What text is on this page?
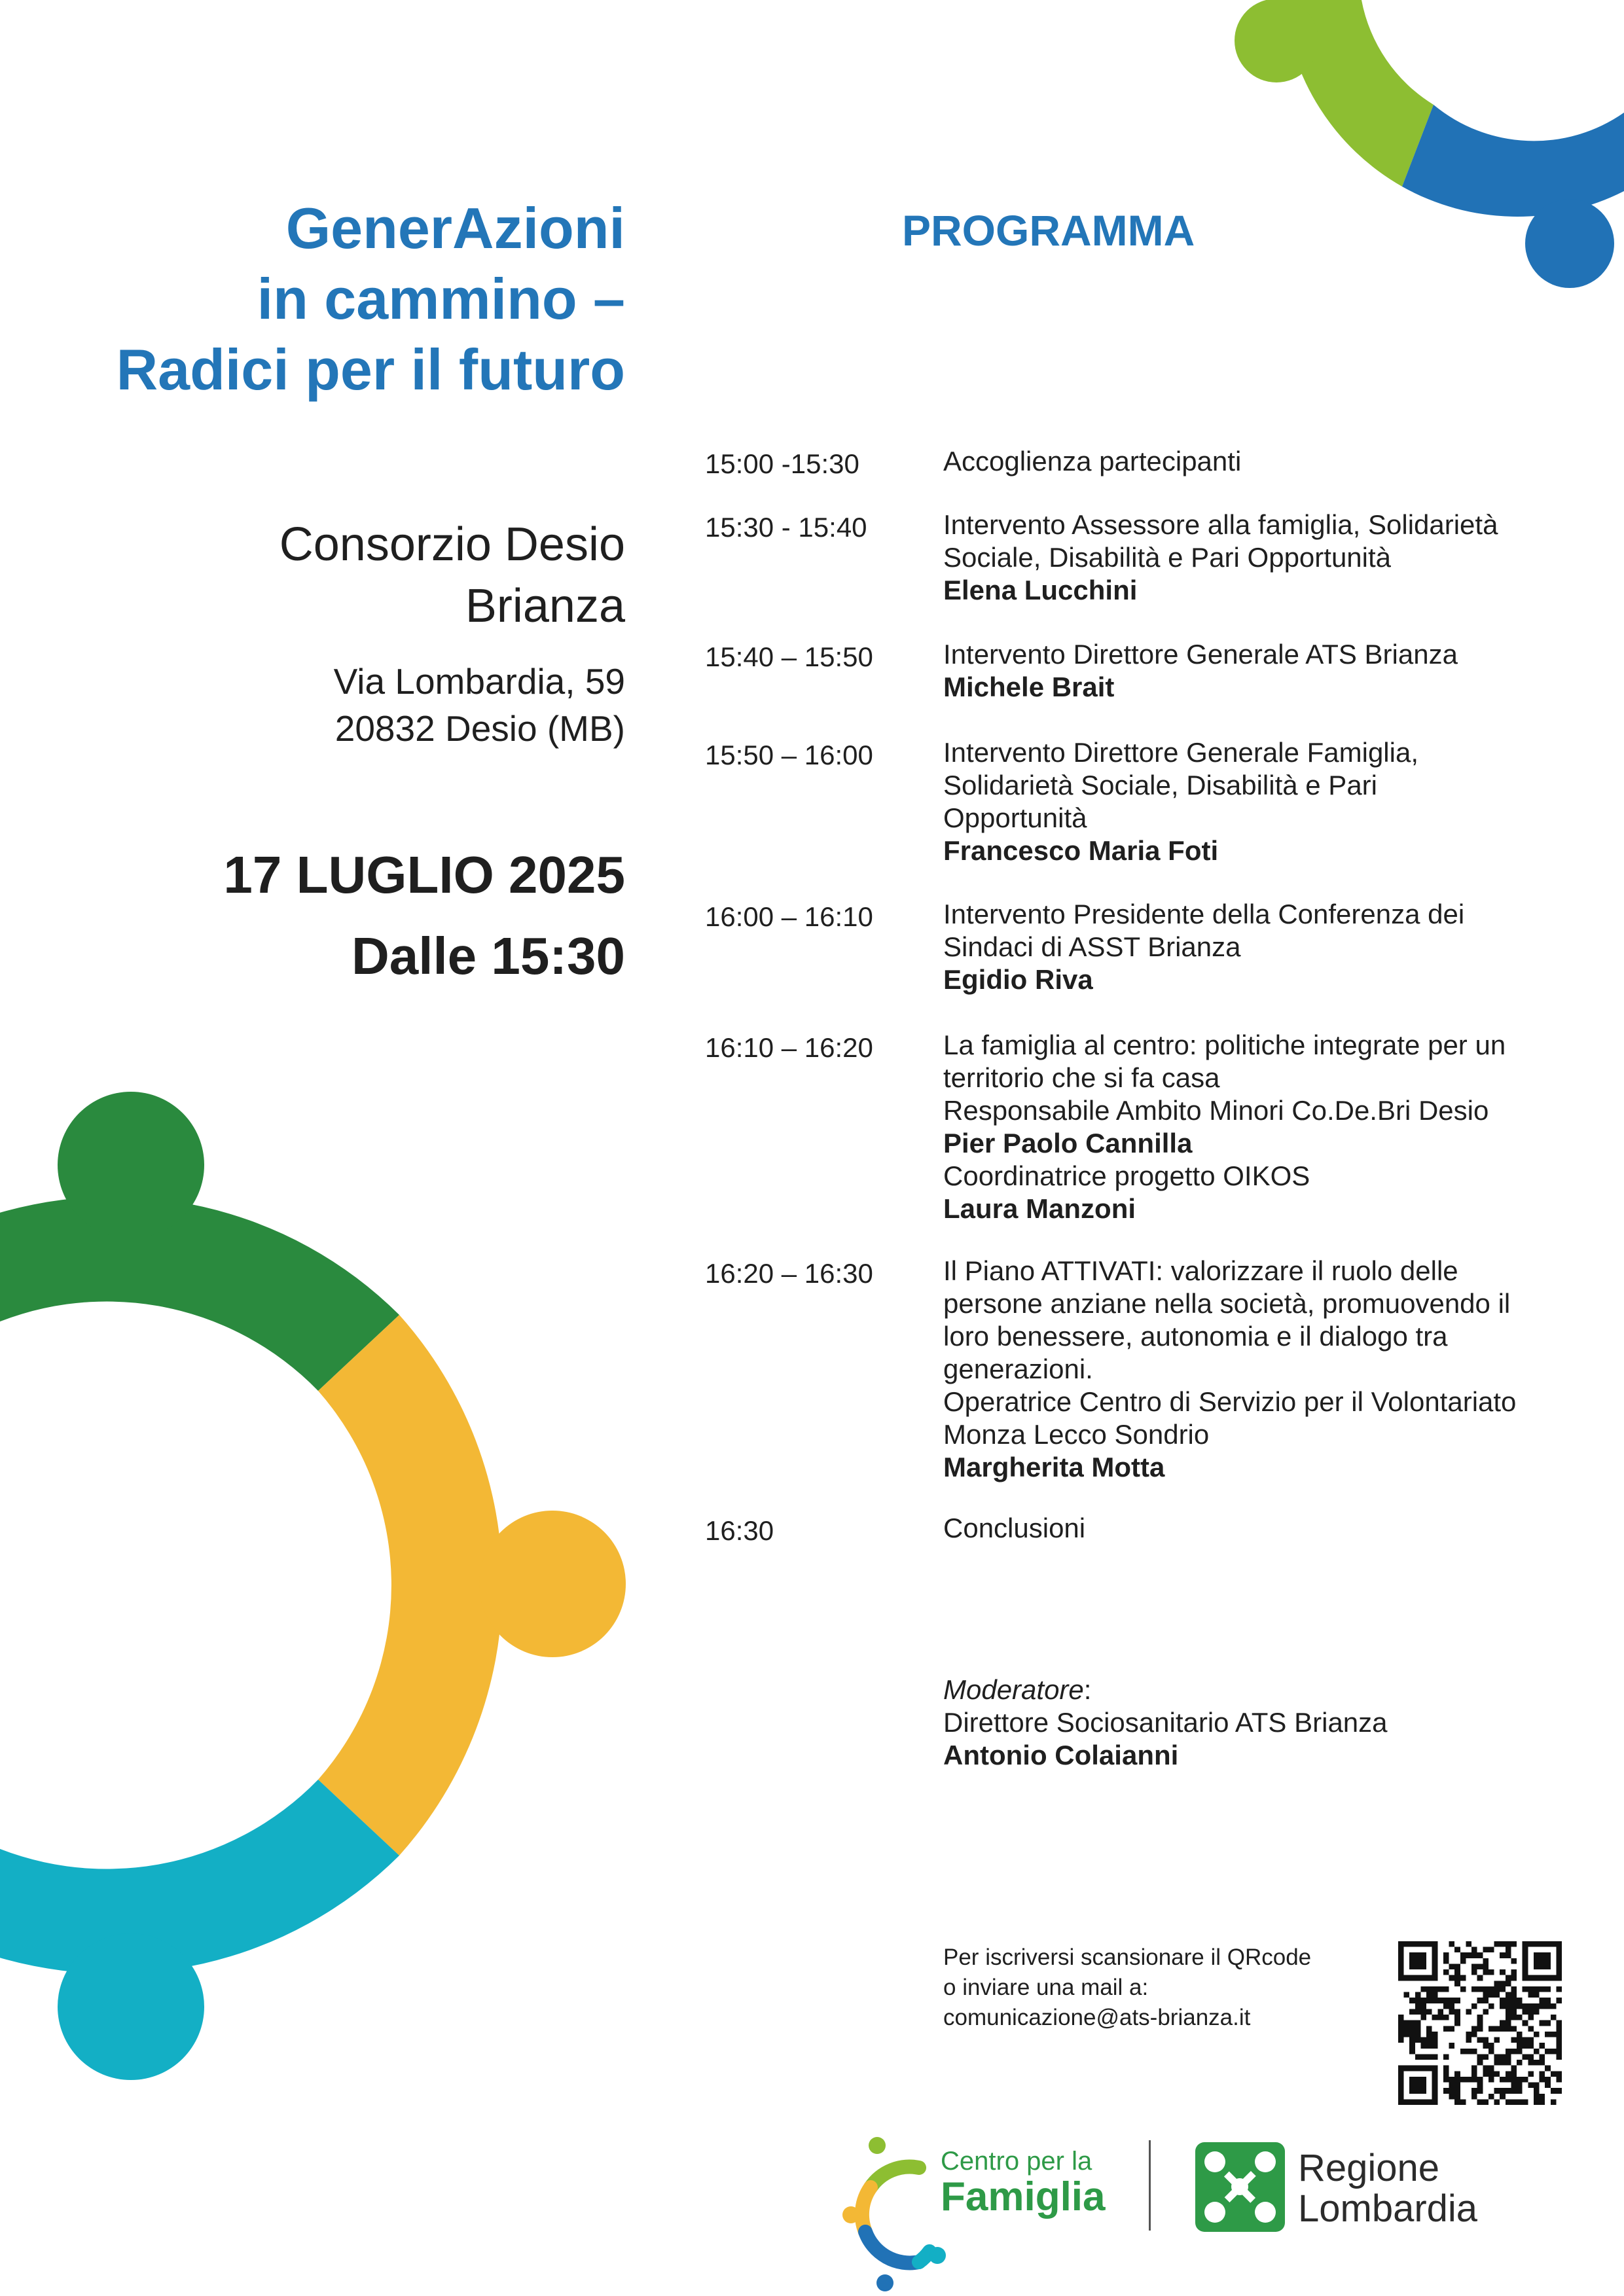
GenerAzioni
in cammino –
Radici per il futuro
PROGRAMMA
Consorzio Desio
Brianza
Via Lombardia, 59
20832 Desio (MB)
17 LUGLIO 2025
Dalle 15:30
15:00 -15:30	Accoglienza partecipanti
15:30 - 15:40	Intervento Assessore alla famiglia, Solidarietà
Sociale, Disabilità e Pari Opportunità
Elena Lucchini
15:40 – 15:50	Intervento Direttore Generale ATS Brianza
Michele Brait
15:50 – 16:00	Intervento Direttore Generale Famiglia,
Solidarietà Sociale, Disabilità e Pari
Opportunità
Francesco Maria Foti
16:00 – 16:10	Intervento Presidente della Conferenza dei
Sindaci di ASST Brianza
Egidio Riva
16:10 – 16:20	La famiglia al centro: politiche integrate per un
territorio che si fa casa
Responsabile Ambito Minori Co.De.Bri Desio
Pier Paolo Cannilla
Coordinatrice progetto OIKOS
Laura Manzoni
16:20 – 16:30	Il Piano ATTIVATI: valorizzare il ruolo delle
persone anziane nella società, promuovendo il
loro benessere, autonomia e il dialogo tra
generazioni.
Operatrice Centro di Servizio per il Volontariato
Monza Lecco Sondrio
Margherita Motta
16:30	Conclusioni
Moderatore:
Direttore Sociosanitario ATS Brianza
Antonio Colaianni
Per iscriversi scansionare il QRcode
o inviare una mail a:
comunicazione@ats-brianza.it
Centro per la
Famiglia
Regione
Lombardia
